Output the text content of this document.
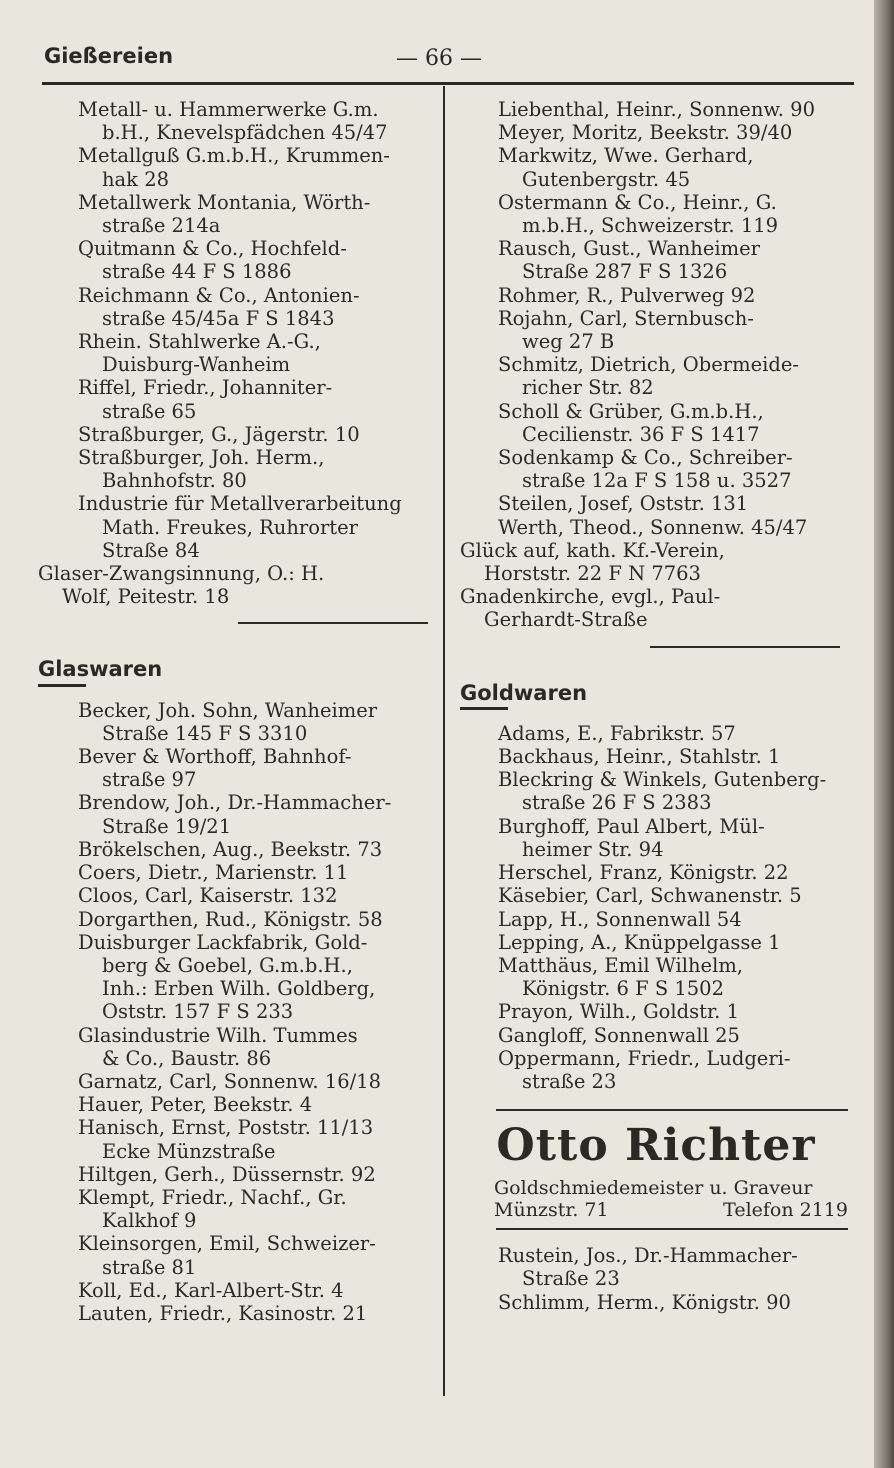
Gießereien	— 66 —
Metall- u. Hammerwerke G.m.
b.H., Knevelspfädchen 45/47
Metallguß G.m.b.H., Krummen-
hak 28
Metallwerk Montania, Wörth-
straße 214a
Quitmann & Co., Hochfeld-
straße 44 F S 1886
Reichmann & Co., Antonien-
straße 45/45a F S 1843
Rhein. Stahlwerke A.-G.,
Duisburg-Wanheim
Riffel, Friedr., Johanniter-
straße 65
Straßburger, G., Jägerstr. 10
Straßburger, Joh. Herm.,
Bahnhofstr. 80
Industrie für Metallverarbeitung
Math. Freukes, Ruhrorter
Straße 84
Glaser-Zwangsinnung, O.: H.
Wolf, Peitestr. 18
Glaswaren
Becker, Joh. Sohn, Wanheimer
Straße 145 F S 3310
Bever & Worthoff, Bahnhof-
straße 97
Brendow, Joh., Dr.-Hammacher-
Straße 19/21
Brökelschen, Aug., Beekstr. 73
Coers, Dietr., Marienstr. 11
Cloos, Carl, Kaiserstr. 132
Dorgarthen, Rud., Königstr. 58
Duisburger Lackfabrik, Gold-
berg & Goebel, G.m.b.H.,
Inh.: Erben Wilh. Goldberg,
Oststr. 157 F S 233
Glasindustrie Wilh. Tummes
& Co., Baustr. 86
Garnatz, Carl, Sonnenw. 16/18
Hauer, Peter, Beekstr. 4
Hanisch, Ernst, Poststr. 11/13
Ecke Münzstraße
Hiltgen, Gerh., Düssernstr. 92
Klempt, Friedr., Nachf., Gr.
Kalkhof 9
Kleinsorgen, Emil, Schweizer-
straße 81
Koll, Ed., Karl-Albert-Str. 4
Lauten, Friedr., Kasinostr. 21
Liebenthal, Heinr., Sonnenw. 90
Meyer, Moritz, Beekstr. 39/40
Markwitz, Wwe. Gerhard,
Gutenbergstr. 45
Ostermann & Co., Heinr., G.
m.b.H., Schweizerstr. 119
Rausch, Gust., Wanheimer
Straße 287 F S 1326
Rohmer, R., Pulverweg 92
Rojahn, Carl, Sternbusch-
weg 27 B
Schmitz, Dietrich, Obermeide-
richer Str. 82
Scholl & Grüber, G.m.b.H.,
Cecilienstr. 36 F S 1417
Sodenkamp & Co., Schreiber-
straße 12a F S 158 u. 3527
Steilen, Josef, Oststr. 131
Werth, Theod., Sonnenw. 45/47
Glück auf, kath. Kf.-Verein,
Horststr. 22 F N 7763
Gnadenkirche, evgl., Paul-
Gerhardt-Straße
Goldwaren
Adams, E., Fabrikstr. 57
Backhaus, Heinr., Stahlstr. 1
Bleckring & Winkels, Gutenberg-
straße 26 F S 2383
Burghoff, Paul Albert, Mül-
heimer Str. 94
Herschel, Franz, Königstr. 22
Käsebier, Carl, Schwanenstr. 5
Lapp, H., Sonnenwall 54
Lepping, A., Knüppelgasse 1
Matthäus, Emil Wilhelm,
Königstr. 6 F S 1502
Prayon, Wilh., Goldstr. 1
Gangloff, Sonnenwall 25
Oppermann, Friedr., Ludgeri-
straße 23
Otto Richter
Goldschmiedemeister u. Graveur
Münzstr. 71	Telefon 2119
Rustein, Jos., Dr.-Hammacher-
Straße 23
Schlimm, Herm., Königstr. 90
